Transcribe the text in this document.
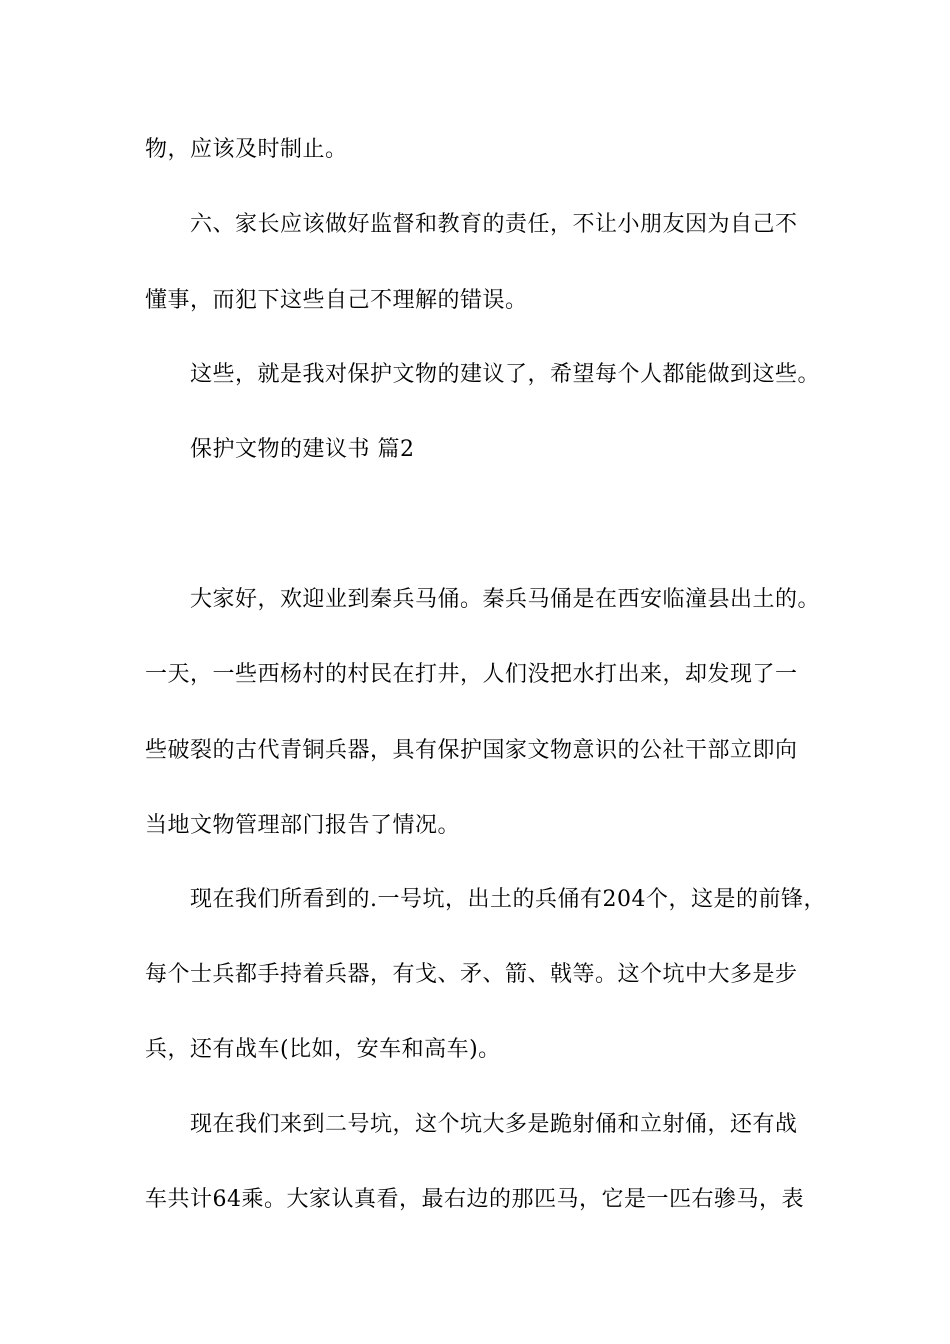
物，应该及时制止。
六、家长应该做好监督和教育的责任，不让小朋友因为自己不
懂事，而犯下这些自己不理解的错误。
这些，就是我对保护文物的建议了，希望每个人都能做到这些。
保护文物的建议书 篇2
大家好，欢迎业到秦兵马俑。秦兵马俑是在西安临潼县出土的。
一天，一些西杨村的村民在打井，人们没把水打出来，却发现了一
些破裂的古代青铜兵器，具有保护国家文物意识的公社干部立即向
当地文物管理部门报告了情况。
现在我们所看到的.一号坑，出土的兵俑有204个，这是的前锋，
每个士兵都手持着兵器，有戈、矛、箭、戟等。这个坑中大多是步
兵，还有战车(比如，安车和高车)。
现在我们来到二号坑，这个坑大多是跪射俑和立射俑，还有战
车共计64乘。大家认真看，最右边的那匹马，它是一匹右骖马，表
